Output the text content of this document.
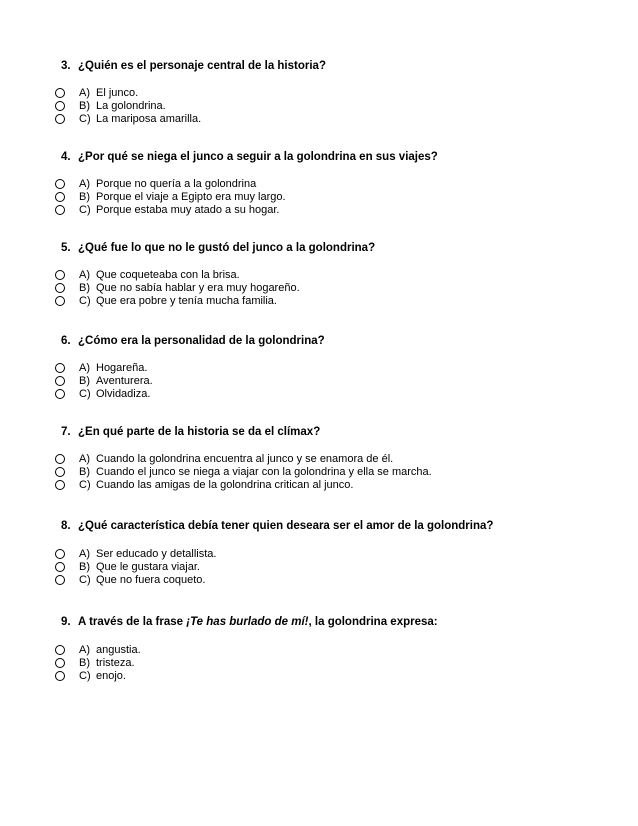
3. ¿Quién es el personaje central de la historia?
A) El junco.
B) La golondrina.
C) La mariposa amarilla.
4. ¿Por qué se niega el junco a seguir a la golondrina en sus viajes?
A) Porque no quería a la golondrina
B) Porque el viaje a Egipto era muy largo.
C) Porque estaba muy atado a su hogar.
5. ¿Qué fue lo que no le gustó del junco a la golondrina?
A) Que coqueteaba con la brisa.
B) Que no sabía hablar y era muy hogareño.
C) Que era pobre y tenía mucha familia.
6. ¿Cómo era la personalidad de la golondrina?
A) Hogareña.
B) Aventurera.
C) Olvidadiza.
7. ¿En qué parte de la historia se da el clímax?
A) Cuando la golondrina encuentra al junco y se enamora de él.
B) Cuando el junco se niega a viajar con la golondrina y ella se marcha.
C) Cuando las amigas de la golondrina critican al junco.
8. ¿Qué característica debía tener quien deseara ser el amor de la golondrina?
A) Ser educado y detallista.
B) Que le gustara viajar.
C) Que no fuera coqueto.
9. A través de la frase ¡Te has burlado de mí!, la golondrina expresa:
A) angustia.
B) tristeza.
C) enojo.
